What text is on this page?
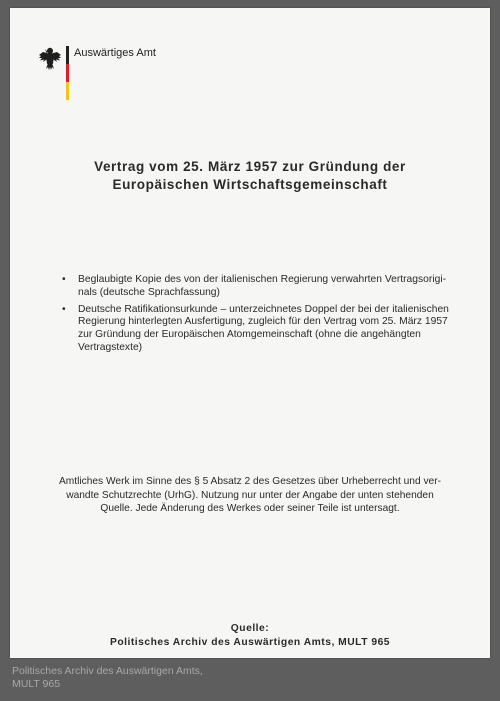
Auswärtiges Amt
Vertrag vom 25. März 1957 zur Gründung der
Europäischen Wirtschaftsgemeinschaft
• Beglaubigte Kopie des von der italienischen Regierung verwahrten Vertragsorigi-
nals (deutsche Sprachfassung)
• Deutsche Ratifikationsurkunde – unterzeichnetes Doppel der bei der italienischen
Regierung hinterlegten Ausfertigung, zugleich für den Vertrag vom 25. März 1957
zur Gründung der Europäischen Atomgemeinschaft (ohne die angehängten
Vertragstexte)
Amtliches Werk im Sinne des § 5 Absatz 2 des Gesetzes über Urheberrecht und ver-
wandte Schutzrechte (UrhG). Nutzung nur unter der Angabe der unten stehenden
Quelle. Jede Änderung des Werkes oder seiner Teile ist untersagt.
Quelle:
Politisches Archiv des Auswärtigen Amts, MULT 965
Politisches Archiv des Auswärtigen Amts,
MULT 965
